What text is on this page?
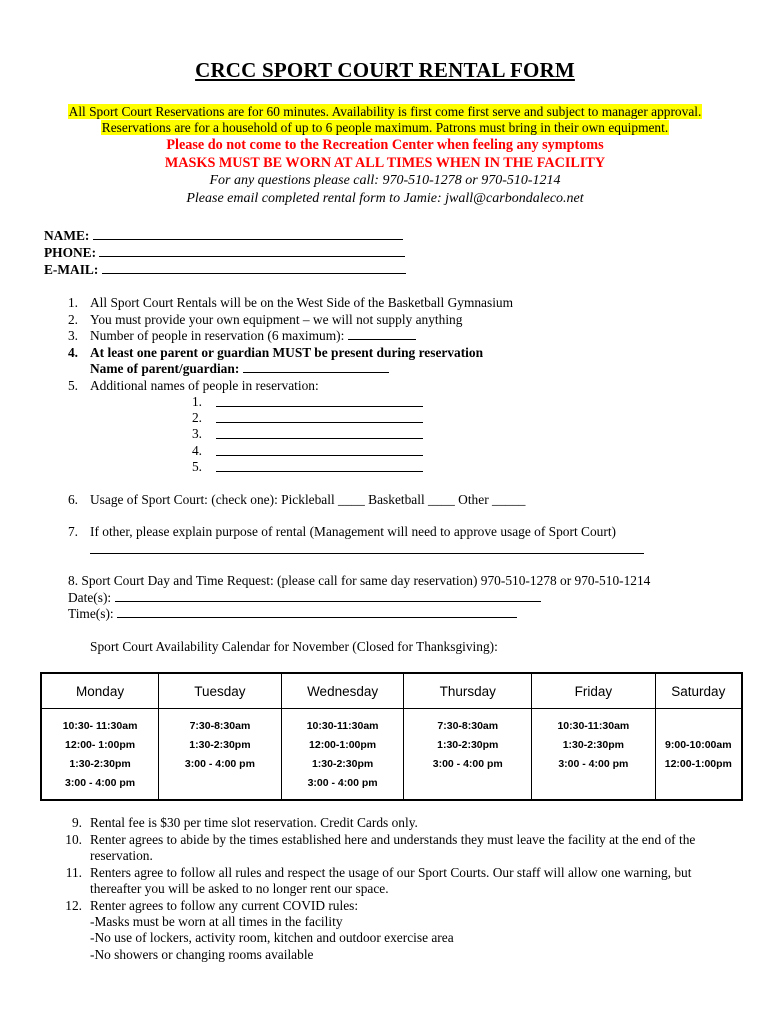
CRCC SPORT COURT RENTAL FORM
All Sport Court Reservations are for 60 minutes. Availability is first come first serve and subject to manager approval.
Reservations are for a household of up to 6 people maximum. Patrons must bring in their own equipment.
Please do not come to the Recreation Center when feeling any symptoms
MASKS MUST BE WORN AT ALL TIMES WHEN IN THE FACILITY
For any questions please call: 970-510-1278 or 970-510-1214
Please email completed rental form to Jamie: jwall@carbondaleco.net
NAME:
PHONE:
E-MAIL:
1. All Sport Court Rentals will be on the West Side of the Basketball Gymnasium
2. You must provide your own equipment – we will not supply anything
3. Number of people in reservation (6 maximum):
4. At least one parent or guardian MUST be present during reservation
Name of parent/guardian:
5. Additional names of people in reservation:
1.
2.
3.
4.
5.
6. Usage of Sport Court: (check one): Pickleball ____ Basketball ____ Other _____
7. If other, please explain purpose of rental (Management will need to approve usage of Sport Court)
8. Sport Court Day and Time Request: (please call for same day reservation) 970-510-1278 or 970-510-1214
Date(s):
Time(s):
Sport Court Availability Calendar for November (Closed for Thanksgiving):
Monday	Tuesday	Wednesday	Thursday	Friday	Saturday

10:30- 11:30am
12:00- 1:00pm
1:30-2:30pm
3:00 - 4:00 pm	7:30-8:30am
1:30-2:30pm
3:00 - 4:00 pm	10:30-11:30am
12:00-1:00pm
1:30-2:30pm
3:00 - 4:00 pm	7:30-8:30am
1:30-2:30pm
3:00 - 4:00 pm	10:30-11:30am
1:30-2:30pm
3:00 - 4:00 pm	9:00-10:00am
12:00-1:00pm
9. Rental fee is $30 per time slot reservation. Credit Cards only.
10. Renter agrees to abide by the times established here and understands they must leave the facility at the end of the
reservation.
11. Renters agree to follow all rules and respect the usage of our Sport Courts. Our staff will allow one warning, but
thereafter you will be asked to no longer rent our space.
12. Renter agrees to follow any current COVID rules:
-Masks must be worn at all times in the facility
-No use of lockers, activity room, kitchen and outdoor exercise area
-No showers or changing rooms available
